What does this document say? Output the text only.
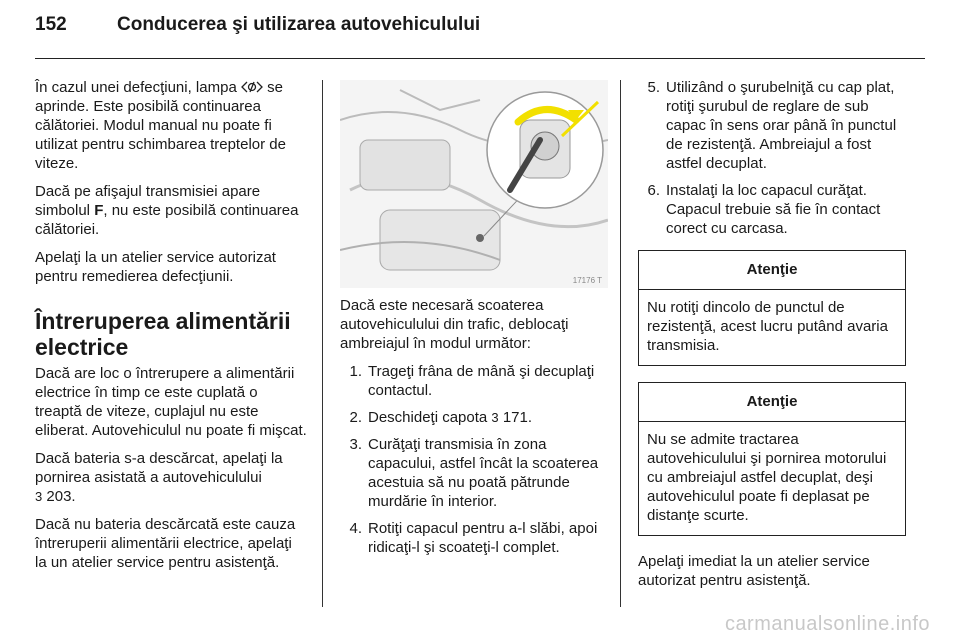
152	Conducerea şi utilizarea autovehiculului

În cazul unei defecţiuni, lampa  se aprinde. Este posibilă continuarea călătoriei. Modul manual nu poate fi utilizat pentru schimbarea treptelor de viteze.

Dacă pe afişajul transmisiei apare simbolul F, nu este posibilă continuarea călătoriei.

Apelaţi la un atelier service autorizat pentru remedierea defecţiunii.

Întreruperea alimentării electrice

Dacă are loc o întrerupere a alimentării electrice în timp ce este cuplată o treaptă de viteze, cuplajul nu este eliberat. Autovehiculul nu poate fi mişcat.

Dacă bateria s-a descărcat, apelaţi la pornirea asistată a autovehiculului
3 203.

Dacă nu bateria descărcată este cauza întreruperii alimentării electrice, apelaţi la un atelier service pentru asistenţă.

17176 T

Dacă este necesară scoaterea autovehiculului din trafic, deblocaţi ambreiajul în modul următor:

1. Trageţi frâna de mână şi decuplaţi contactul.
2. Deschideţi capota 3 171.
3. Curăţaţi transmisia în zona capacului, astfel încât la scoaterea acestuia să nu poată pătrunde murdărie în interior.
4. Rotiţi capacul pentru a-l slăbi, apoi ridicaţi-l şi scoateţi-l complet.
5. Utilizând o şurubelniţă cu cap plat, rotiţi şurubul de reglare de sub capac în sens orar până în punctul de rezistenţă. Ambreiajul a fost astfel decuplat.
6. Instalaţi la loc capacul curăţat. Capacul trebuie să fie în contact corect cu carcasa.
Atenţie
Nu rotiţi dincolo de punctul de rezistenţă, acest lucru putând avaria transmisia.
Atenţie
Nu se admite tractarea autovehiculului şi pornirea motorului cu ambreiajul astfel decuplat, deşi autovehiculul poate fi deplasat pe distanţe scurte.

Apelaţi imediat la un atelier service autorizat pentru asistenţă.

carmanualsonline.info
